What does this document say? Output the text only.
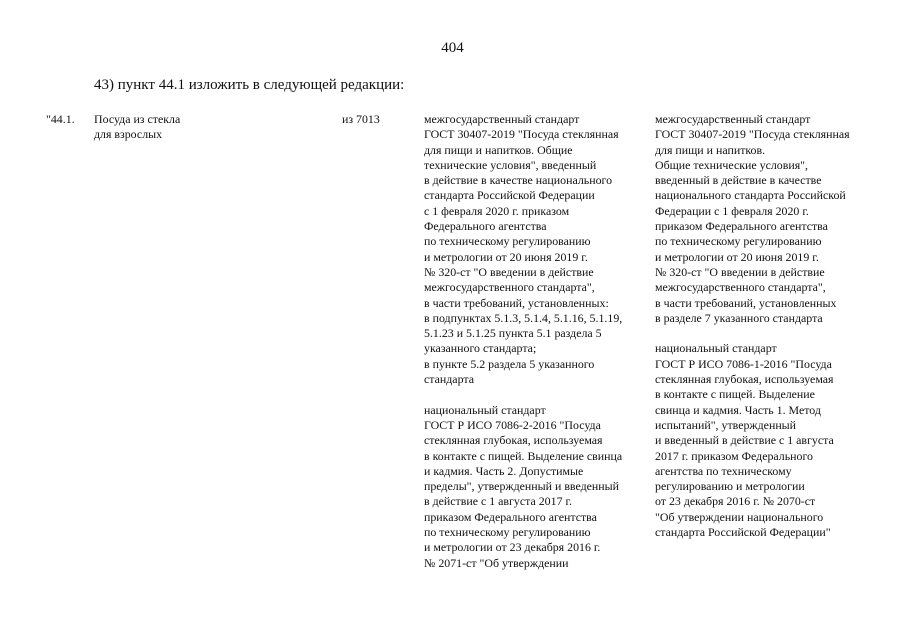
404
43) пункт 44.1 изложить в следующей редакции:
"44.1. Посуда из стекла
для взрослых
из 7013	межгосударственный стандарт
ГОСТ 30407-2019 "Посуда стеклянная
для пищи и напитков. Общие
технические условия", введенный
в действие в качестве национального
стандарта Российской Федерации
с 1 февраля 2020 г. приказом
Федерального агентства
по техническому регулированию
и метрологии от 20 июня 2019 г.
№ 320-ст "О введении в действие
межгосударственного стандарта",
в части требований, установленных:
в подпунктах 5.1.3, 5.1.4, 5.1.16, 5.1.19,
5.1.23 и 5.1.25 пункта 5.1 раздела 5
указанного стандарта;
в пункте 5.2 раздела 5 указанного
стандарта
национальный стандарт
ГОСТ Р ИСО 7086-2-2016 "Посуда
стеклянная глубокая, используемая
в контакте с пищей. Выделение свинца
и кадмия. Часть 2. Допустимые
пределы", утвержденный и введенный
в действие с 1 августа 2017 г.
приказом Федерального агентства
по техническому регулированию
и метрологии от 23 декабря 2016 г.
№ 2071-ст "Об утверждении
межгосударственный стандарт
ГОСТ 30407-2019 "Посуда стеклянная
для пищи и напитков.
Общие технические условия",
введенный в действие в качестве
национального стандарта Российской
Федерации с 1 февраля 2020 г.
приказом Федерального агентства
по техническому регулированию
и метрологии от 20 июня 2019 г.
№ 320-ст "О введении в действие
межгосударственного стандарта",
в части требований, установленных
в разделе 7 указанного стандарта
национальный стандарт
ГОСТ Р ИСО 7086-1-2016 "Посуда
стеклянная глубокая, используемая
в контакте с пищей. Выделение
свинца и кадмия. Часть 1. Метод
испытаний", утвержденный
и введенный в действие с 1 августа
2017 г. приказом Федерального
агентства по техническому
регулированию и метрологии
от 23 декабря 2016 г. № 2070-ст
"Об утверждении национального
стандарта Российской Федерации"
